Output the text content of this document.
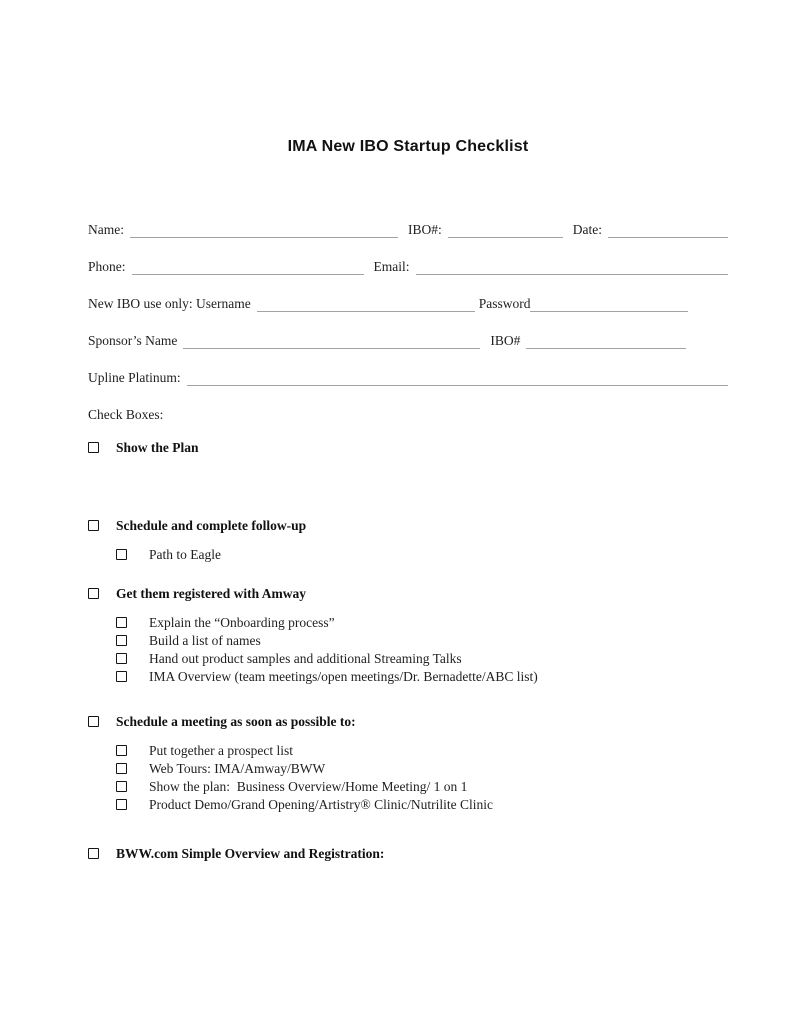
IMA New IBO Startup Checklist
Name:	IBO#:	Date:
Phone:	Email:
New IBO use only: Username	Password
Sponsor’s Name	IBO#
Upline Platinum:
Check Boxes:
Show the Plan
Schedule and complete follow-up
Path to Eagle
Get them registered with Amway
Explain the “Onboarding process”
Build a list of names
Hand out product samples and additional Streaming Talks
IMA Overview (team meetings/open meetings/Dr. Bernadette/ABC list)
Schedule a meeting as soon as possible to:
Put together a prospect list
Web Tours: IMA/Amway/BWW
Show the plan:  Business Overview/Home Meeting/ 1 on 1
Product Demo/Grand Opening/Artistry® Clinic/Nutrilite Clinic
BWW.com Simple Overview and Registration:
